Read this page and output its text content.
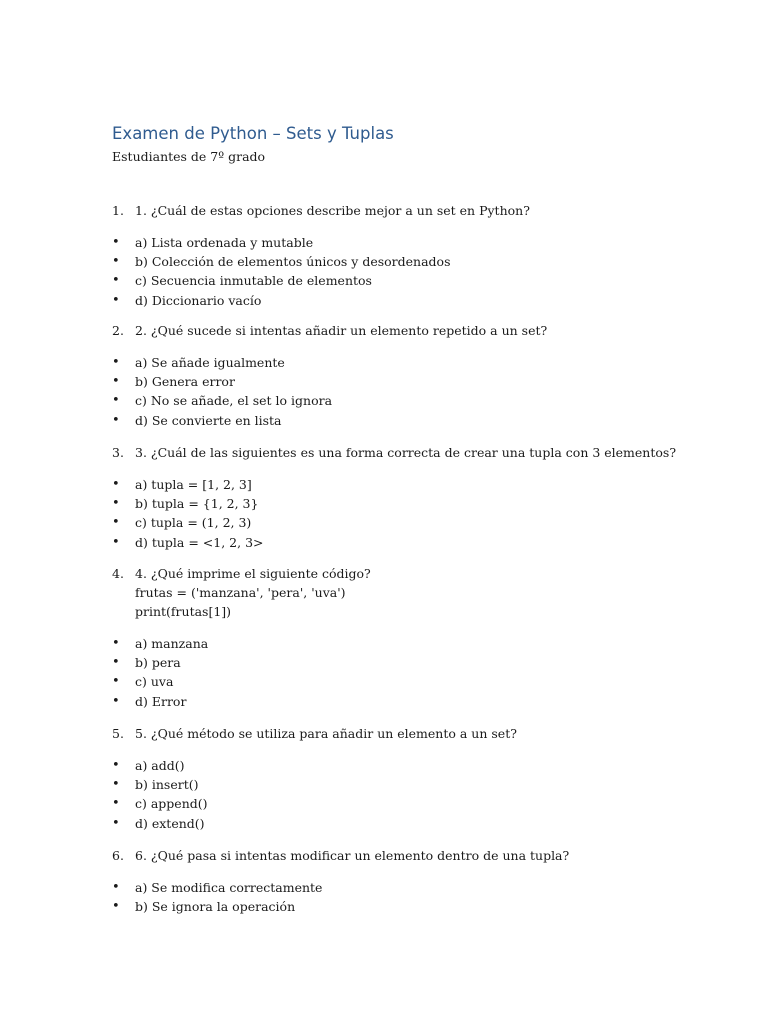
Examen de Python – Sets y Tuplas

Estudiantes de 7º grado

1. 1. ¿Cuál de estas opciones describe mejor a un set en Python?
•	a) Lista ordenada y mutable
•	b) Colección de elementos únicos y desordenados
•	c) Secuencia inmutable de elementos
•	d) Diccionario vacío
2. 2. ¿Qué sucede si intentas añadir un elemento repetido a un set?
•	a) Se añade igualmente
•	b) Genera error
•	c) No se añade, el set lo ignora
•	d) Se convierte en lista
3. 3. ¿Cuál de las siguientes es una forma correcta de crear una tupla con 3 elementos?
•	a) tupla = [1, 2, 3]
•	b) tupla = {1, 2, 3}
•	c) tupla = (1, 2, 3)
•	d) tupla = <1, 2, 3>
4. 4. ¿Qué imprime el siguiente código?
frutas = ('manzana', 'pera', 'uva')
print(frutas[1])
•	a) manzana
•	b) pera
•	c) uva
•	d) Error
5. 5. ¿Qué método se utiliza para añadir un elemento a un set?
•	a) add()
•	b) insert()
•	c) append()
•	d) extend()
6. 6. ¿Qué pasa si intentas modificar un elemento dentro de una tupla?
•	a) Se modifica correctamente
•	b) Se ignora la operación
